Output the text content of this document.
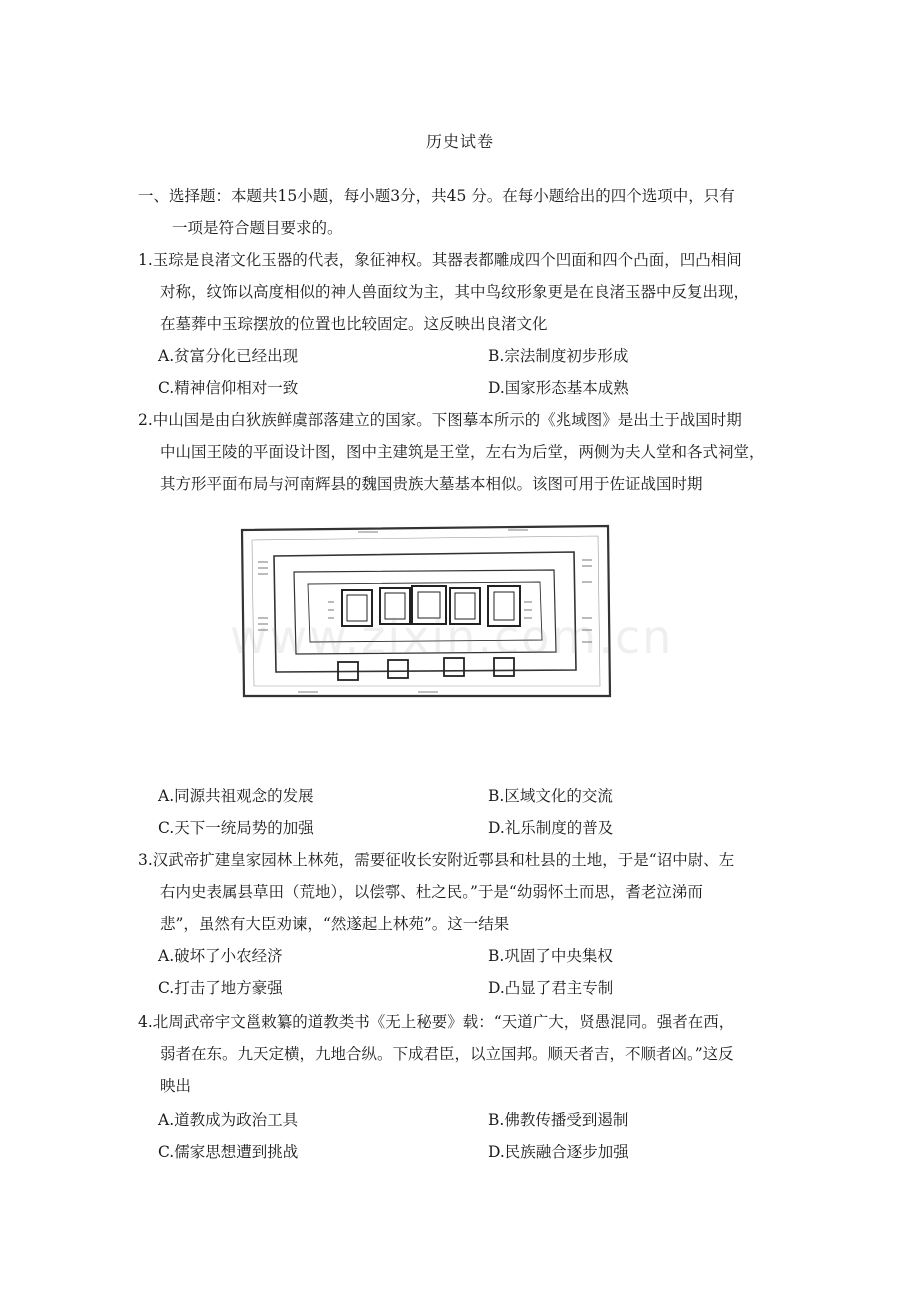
历史试卷
一、选择题：本题共15小题，每小题3分，共45 分。在每小题给出的四个选项中，只有
一项是符合题目要求的。
1.玉琮是良渚文化玉器的代表，象征神权。其器表都雕成四个凹面和四个凸面，凹凸相间
对称，纹饰以高度相似的神人兽面纹为主，其中鸟纹形象更是在良渚玉器中反复出现，
在墓葬中玉琮摆放的位置也比较固定。这反映出良渚文化
A.贫富分化已经出现	B.宗法制度初步形成
C.精神信仰相对一致	D.国家形态基本成熟
2.中山国是由白狄族鲜虞部落建立的国家。下图摹本所示的《兆域图》是出土于战国时期
中山国王陵的平面设计图，图中主建筑是王堂，左右为后堂，两侧为夫人堂和各式祠堂，
其方形平面布局与河南辉县的魏国贵族大墓基本相似。该图可用于佐证战国时期
www.zixin.com.cn
A.同源共祖观念的发展	B.区域文化的交流
C.天下一统局势的加强	D.礼乐制度的普及
3.汉武帝扩建皇家园林上林苑，需要征收长安附近鄠县和杜县的土地，于是“诏中尉、左
右内史表属县草田（荒地），以偿鄠、杜之民。”于是“幼弱怀土而思，耆老泣涕而
悲”，虽然有大臣劝谏，“然遂起上林苑”。这一结果
A.破坏了小农经济	B.巩固了中央集权
C.打击了地方豪强	D.凸显了君主专制
4.北周武帝宇文邕敕纂的道教类书《无上秘要》载：“天道广大，贤愚混同。强者在西，
弱者在东。九天定横，九地合纵。下成君臣，以立国邦。顺天者吉，不顺者凶。”这反
映出
A.道教成为政治工具	B.佛教传播受到遏制
C.儒家思想遭到挑战	D.民族融合逐步加强
